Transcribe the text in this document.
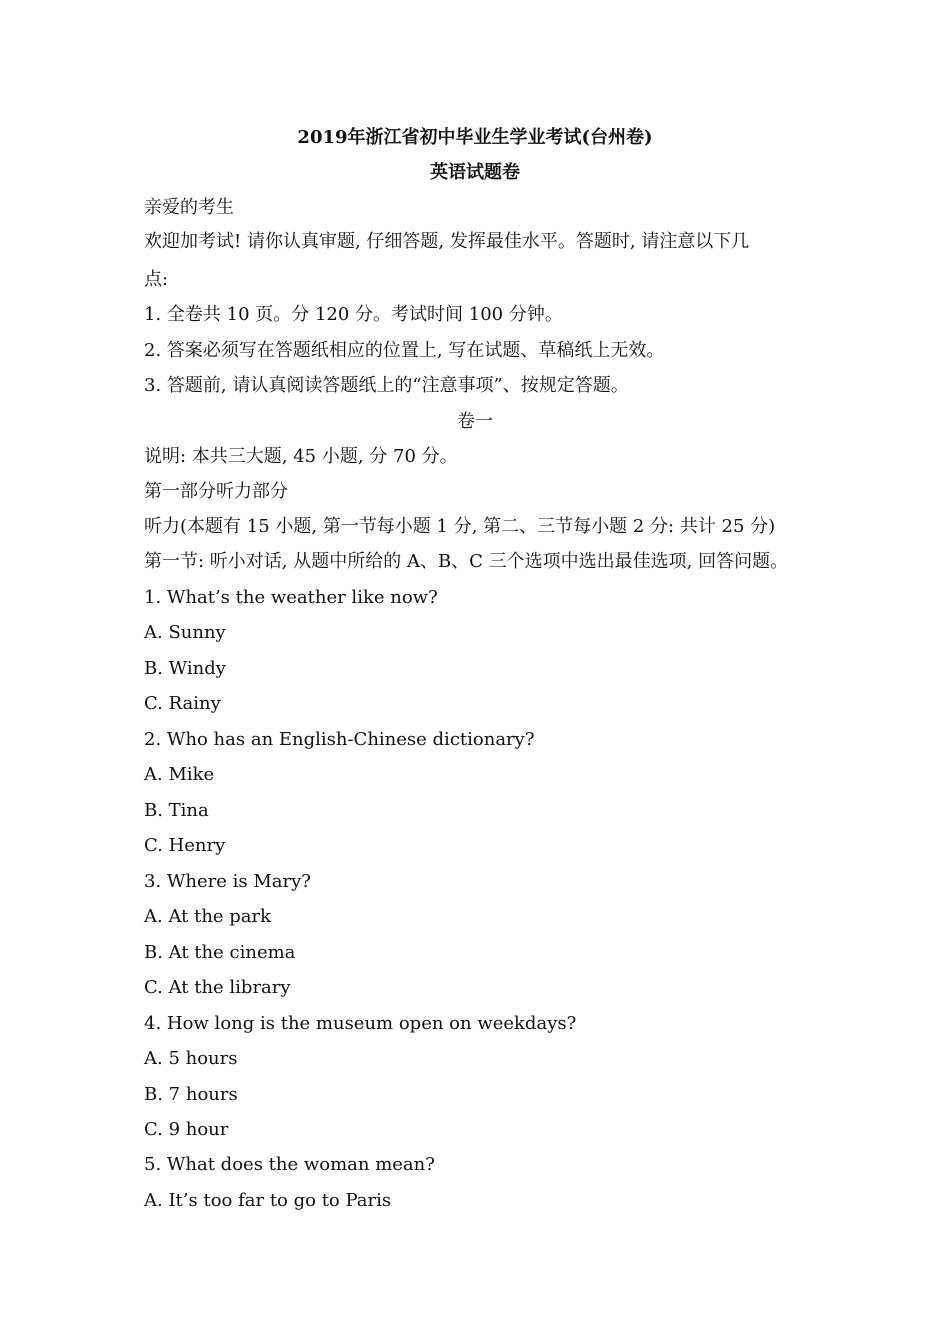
2019年浙江省初中毕业生学业考试(台州卷)
英语试题卷
亲爱的考生
欢迎加考试! 请你认真审题, 仔细答题, 发挥最佳水平。答题时, 请注意以下几
点:
1. 全卷共 10 页。分 120 分。考试时间 100 分钟。
2. 答案必须写在答题纸相应的位置上, 写在试题、草稿纸上无效。
3. 答题前, 请认真阅读答题纸上的“注意事项”、按规定答题。
卷一
说明: 本共三大题, 45 小题, 分 70 分。
第一部分听力部分
听力(本题有 15 小题, 第一节每小题 1 分, 第二、三节每小题 2 分: 共计 25 分)
第一节: 听小对话, 从题中所给的 A、B、C 三个选项中选出最佳选项, 回答问题。
1. What’s the weather like now?
A. Sunny
B. Windy
C. Rainy
2. Who has an English-Chinese dictionary?
A. Mike
B. Tina
C. Henry
3. Where is Mary?
A. At the park
B. At the cinema
C. At the library
4. How long is the museum open on weekdays?
A. 5 hours
B. 7 hours
C. 9 hour
5. What does the woman mean?
A. It’s too far to go to Paris
